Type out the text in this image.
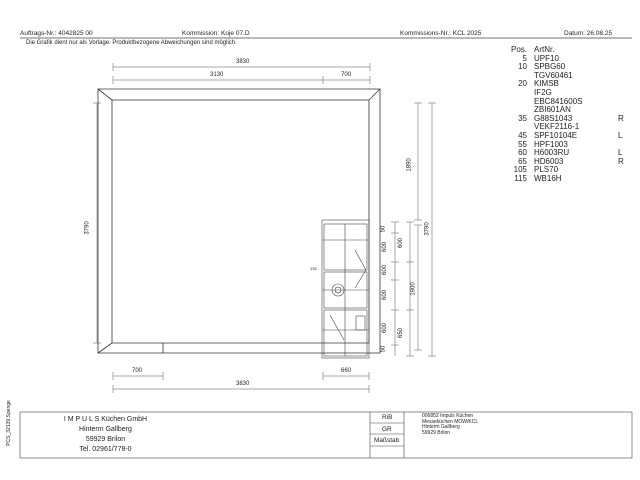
Auftrags-Nr.: 4042825 00	Kommission: Koje 07.D	Kommissions-Nr.: KCL 2025	Datum: 26.08.25
Die Grafik dient nur als Vorlage. Produktbezogene Abweichungen sind möglich.
3830
3130	700
3790
1890
3790
1900
135
50
600
600
600
600
600
650
50
700	660
3830
Pos. ArtNr.
5 UPF10
10 SPBG60
TGV60461
20 KIMSB
IF2G
EBC841600S
ZBI601AN
35 G88S1043	R
VEKF2116-1
45 SPF10104E	L
55 HPF1003
60 H6003RU	L
65 HD6003	R
105 PLS70
115 WB16H
I M P U L S Küchen GmbH
Hinterm Gallberg
59929 Brilon
Tel. 02961/778-0
RiB
GR
Maßstab
006852 Impuls Küchen
Messeküchen MOW/KCL
Hinterm Gallberg
59929 Brilon
PCS_32139 Spenge
